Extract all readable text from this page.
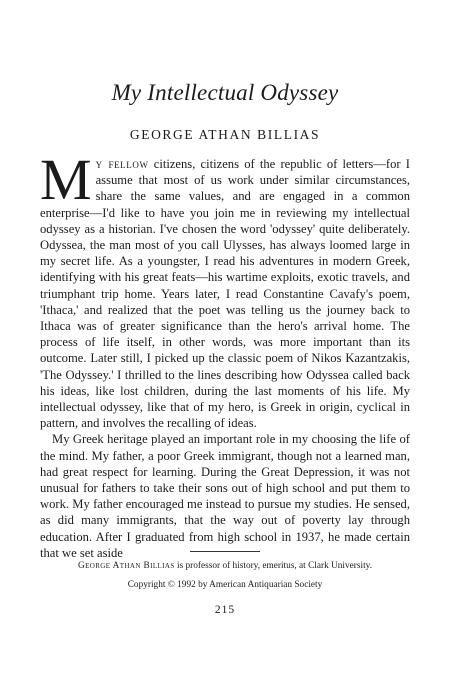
My Intellectual Odyssey
GEORGE ATHAN BILLIAS

My fellow citizens, citizens of the republic of letters—for I assume that most of us work under similar circumstances, share the same values, and are engaged in a common enterprise—I'd like to have you join me in reviewing my intellectual odyssey as a historian. I've chosen the word 'odyssey' quite deliberately. Odyssea, the man most of you call Ulysses, has always loomed large in my secret life. As a youngster, I read his adventures in modern Greek, identifying with his great feats—his wartime exploits, exotic travels, and triumphant trip home. Years later, I read Constantine Cavafy's poem, 'Ithaca,' and realized that the poet was telling us the journey back to Ithaca was of greater significance than the hero's arrival home. The process of life itself, in other words, was more important than its outcome. Later still, I picked up the classic poem of Nikos Kazantzakis, 'The Odyssey.' I thrilled to the lines describing how Odyssea called back his ideas, like lost children, during the last moments of his life. My intellectual odyssey, like that of my hero, is Greek in origin, cyclical in pattern, and involves the recalling of ideas.

My Greek heritage played an important role in my choosing the life of the mind. My father, a poor Greek immigrant, though not a learned man, had great respect for learning. During the Great Depression, it was not unusual for fathers to take their sons out of high school and put them to work. My father encouraged me instead to pursue my studies. He sensed, as did many immigrants, that the way out of poverty lay through education. After I graduated from high school in 1937, he made certain that we set aside

George Athan Billias is professor of history, emeritus, at Clark University.
Copyright © 1992 by American Antiquarian Society
215
